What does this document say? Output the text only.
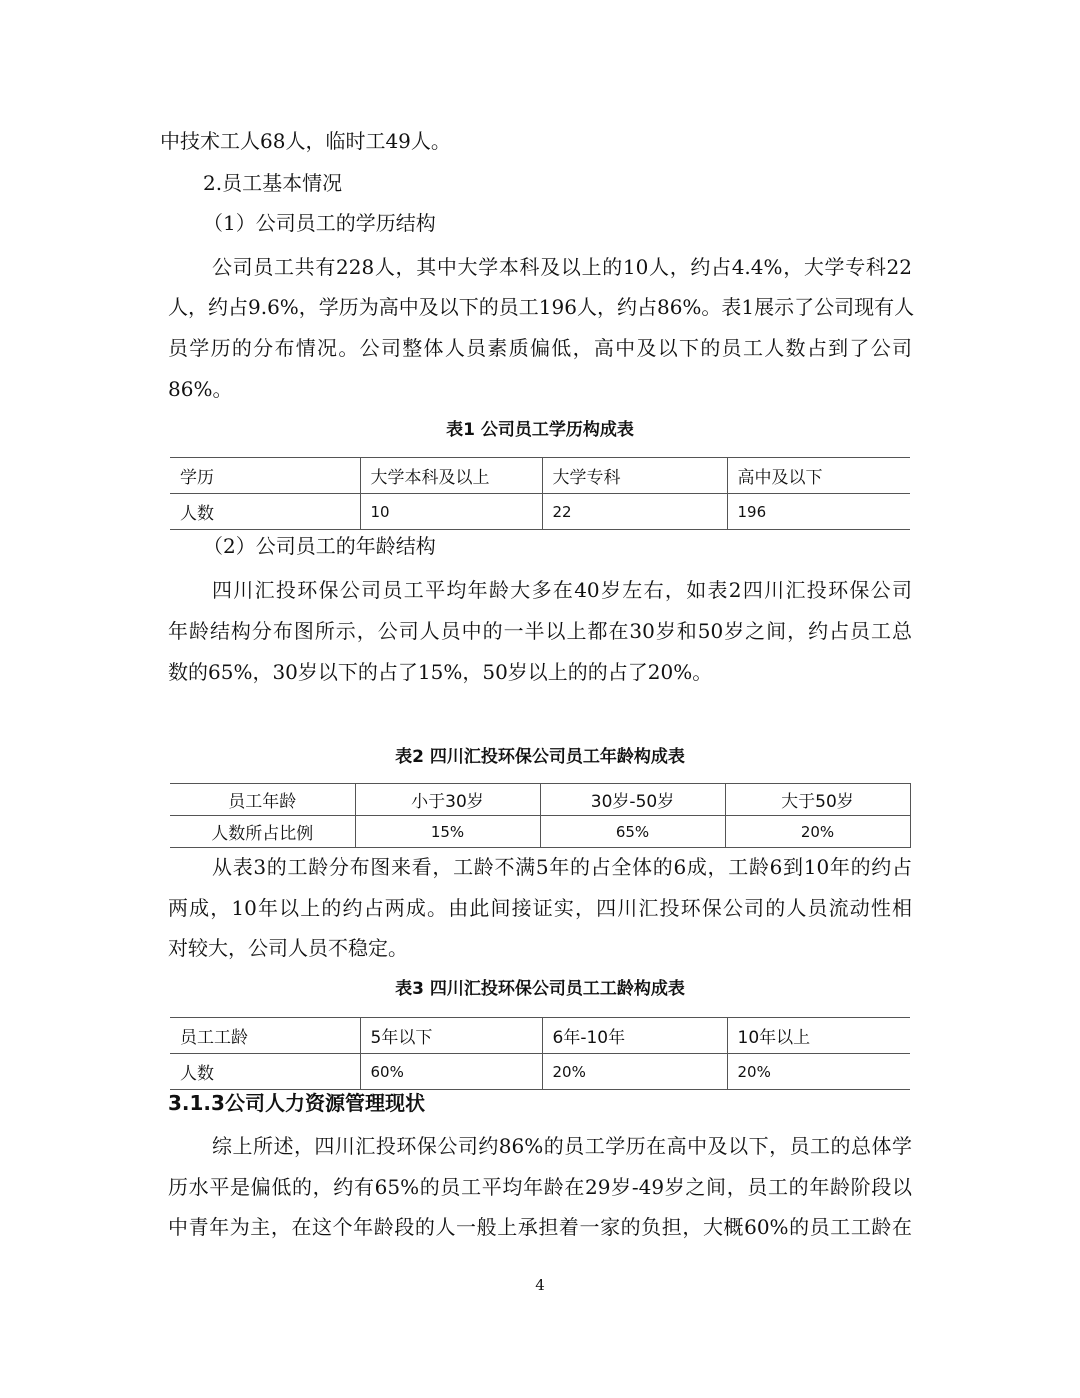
中技术工人68人，临时工49人。
2.员工基本情况
（1）公司员工的学历结构
公司员工共有228人，其中大学本科及以上的10人，约占4.4%，大学专科22
人，约占9.6%，学历为高中及以下的员工196人，约占86%。表1展示了公司现有人
员学历的分布情况。公司整体人员素质偏低，高中及以下的员工人数占到了公司
86%。
表1 公司员工学历构成表
学历	大学本科及以上	大学专科	高中及以下
人数	10	22	196
（2）公司员工的年龄结构
四川汇投环保公司员工平均年龄大多在40岁左右，如表2四川汇投环保公司
年龄结构分布图所示，公司人员中的一半以上都在30岁和50岁之间，约占员工总
数的65%，30岁以下的占了15%，50岁以上的的占了20%。
表2 四川汇投环保公司员工年龄构成表
员工年龄	小于30岁	30岁-50岁	大于50岁
人数所占比例	15%	65%	20%
从表3的工龄分布图来看，工龄不满5年的占全体的6成，工龄6到10年的约占
两成，10年以上的约占两成。由此间接证实，四川汇投环保公司的人员流动性相
对较大，公司人员不稳定。
表3 四川汇投环保公司员工工龄构成表
员工工龄	5年以下	6年-10年	10年以上
人数	60%	20%	20%
3.1.3公司人力资源管理现状
综上所述，四川汇投环保公司约86%的员工学历在高中及以下，员工的总体学
历水平是偏低的，约有65%的员工平均年龄在29岁-49岁之间，员工的年龄阶段以
中青年为主，在这个年龄段的人一般上承担着一家的负担，大概60%的员工工龄在
4
